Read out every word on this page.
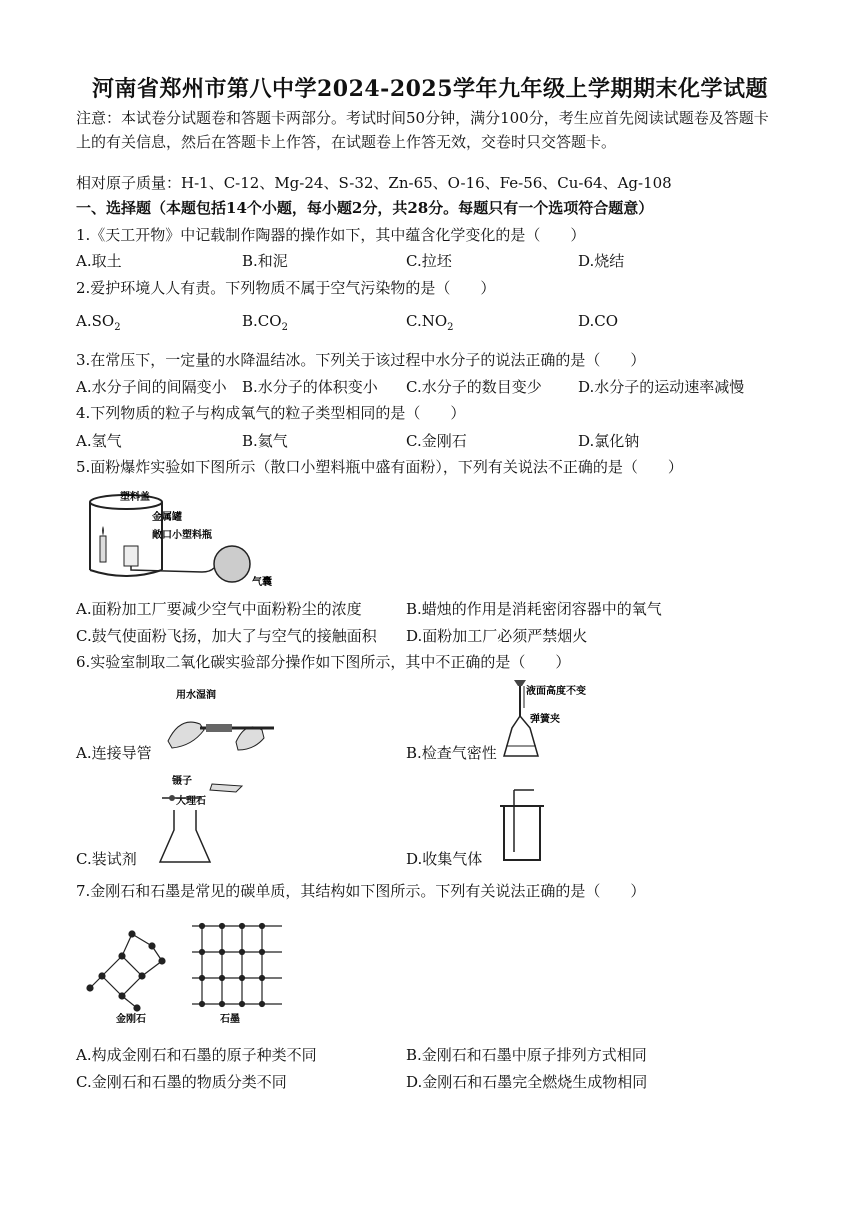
河南省郑州市第八中学2024-2025学年九年级上学期期末化学试题
注意：本试卷分试题卷和答题卡两部分。考试时间50分钟，满分100分，考生应首先阅读试题卷及答题卡上的有关信息，然后在答题卡上作答，在试题卷上作答无效，交卷时只交答题卡。
相对原子质量：H-1、C-12、Mg-24、S-32、Zn-65、O-16、Fe-56、Cu-64、Ag-108
一、选择题（本题包括14个小题，每小题2分，共28分。每题只有一个选项符合题意）
1.《天工开物》中记载制作陶器的操作如下，其中蕴含化学变化的是（　　）
A.取土	B.和泥	C.拉坯	D.烧结
2.爱护环境人人有责。下列物质不属于空气污染物的是（　　）
$A.SO_2$	$B.CO_2$	$C.NO_2$	D.CO
3.在常压下，一定量的水降温结冰。下列关于该过程中水分子的说法正确的是（　　）
A.水分子间的间隔变小 B.水分子的体积变小 C.水分子的数目变少 D.水分子的运动速率减慢
4.下列物质的粒子与构成氧气的粒子类型相同的是（　　）
A.氢气	B.氦气	C.金刚石	D.氯化钠
5.面粉爆炸实验如下图所示（散口小塑料瓶中盛有面粉），下列有关说法不正确的是（　　）
塑料盖
金属罐
敞口小塑料瓶
气囊
A.面粉加工厂要减少空气中面粉粉尘的浓度	B.蜡烛的作用是消耗密闭容器中的氧气
C.鼓气使面粉飞扬，加大了与空气的接触面积 D.面粉加工厂必须严禁烟火
6.实验室制取二氧化碳实验部分操作如下图所示，其中不正确的是（　　）
用水湿润
A.连接导管
液面高度不变
弹簧夹
B.检查气密性
镊子
大理石
C.装试剂	D.收集气体
7.金刚石和石墨是常见的碳单质，其结构如下图所示。下列有关说法正确的是（　　）
金刚石	石墨
A.构成金刚石和石墨的原子种类不同	B.金刚石和石墨中原子排列方式相同
C.金刚石和石墨的物质分类不同	D.金刚石和石墨完全燃烧生成物相同
